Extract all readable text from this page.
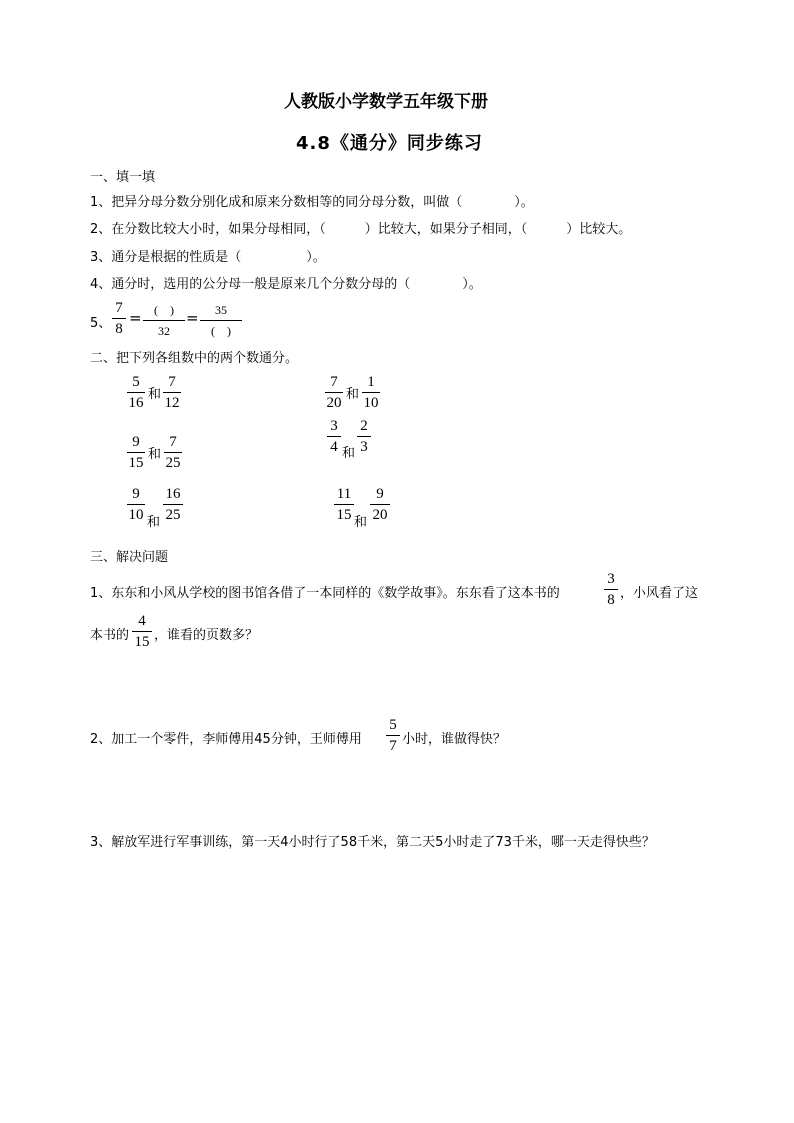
人教版小学数学五年级下册
4.8《通分》同步练习
一、填一填
1、把异分母分数分别化成和原来分数相等的同分母分数，叫做（　　　　）。
2、在分数比较大小时，如果分母相同，（　　　）比较大，如果分子相同，（　　　）比较大。
3、通分是根据的性质是（　　　　　）。
4、通分时，选用的公分母一般是原来几个分数分母的（　　　　）。
5、
7
8
=	(　)
32
=	35
(　)
二、把下列各组数中的两个数通分。
5
16
和
7
12
7
20
和
1
10
9
15
和
7
25
3
4 和
2
3
9
10 和
16
25
11
15 和
9
20
三、解决问题
1、东东和小风从学校的图书馆各借了一本同样的《数学故事》。东东看了这本书的
3
8 ，小风看了这
本书的
4
15 ，谁看的页数多？
2、加工一个零件，李师傅用45分钟，王师傅用
5
7 小时，谁做得快？
3、解放军进行军事训练，第一天4小时行了58千米，第二天5小时走了73千米，哪一天走得快些？
